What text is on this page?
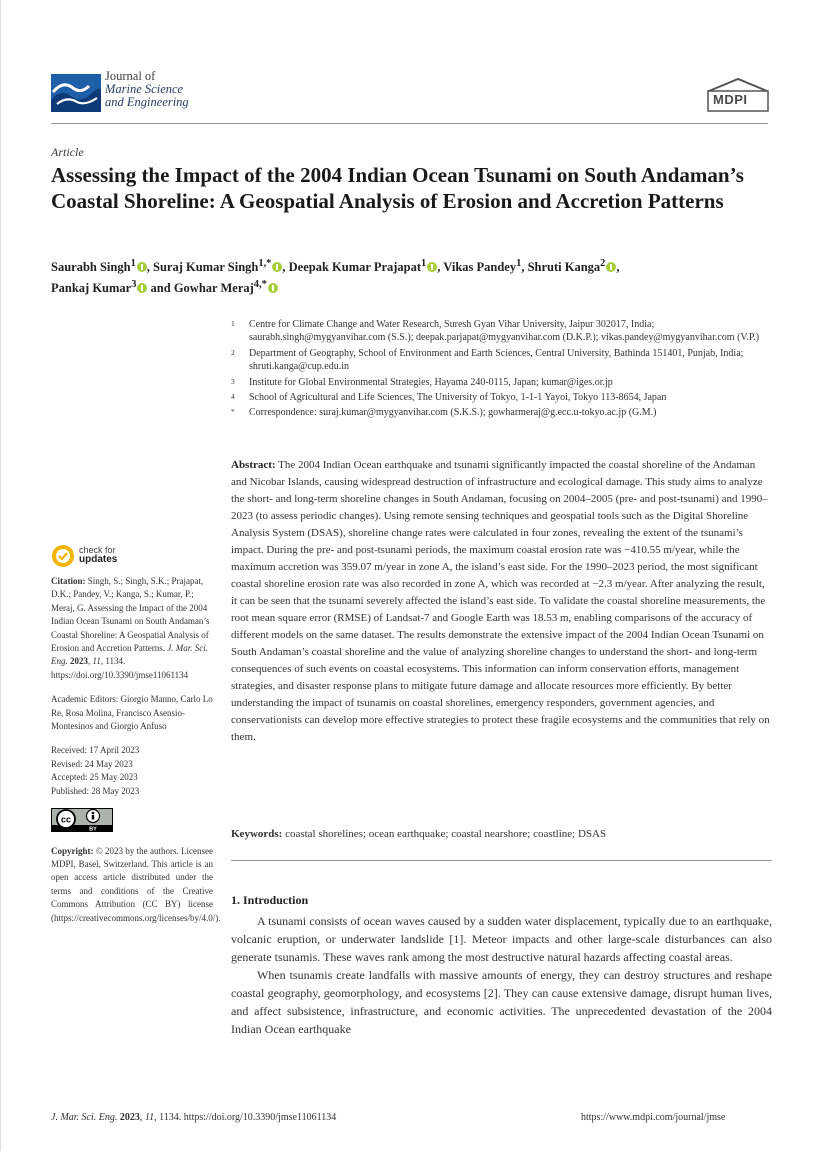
Journal of
Marine Science
and Engineering	MDPI
Article
Assessing the Impact of the 2004 Indian Ocean Tsunami on South Andaman’s Coastal Shoreline: A Geospatial Analysis of Erosion and Accretion Patterns
Saurabh Singh$^1$ , Suraj Kumar Singh$^{1,*}$ , Deepak Kumar Prajapat$^1$ , Vikas Pandey$^1$, Shruti Kanga$^2$ ,
Pankaj Kumar$^3$ and Gowhar Meraj$^{4,*}$
1	Centre for Climate Change and Water Research, Suresh Gyan Vihar University, Jaipur 302017, India; saurabh.singh@mygyanvihar.com (S.S.); deepak.parjapat@mygyanvihar.com (D.K.P.); vikas.pandey@mygyanvihar.com (V.P.)
2	Department of Geography, School of Environment and Earth Sciences, Central University, Bathinda 151401, Punjab, India; shruti.kanga@cup.edu.in
3	Institute for Global Environmental Strategies, Hayama 240-0115, Japan; kumar@iges.or.jp
4	School of Agricultural and Life Sciences, The University of Tokyo, 1-1-1 Yayoi, Tokyo 113-8654, Japan
*	Correspondence: suraj.kumar@mygyanvihar.com (S.K.S.); gowharmeraj@g.ecc.u-tokyo.ac.jp (G.M.)
Abstract: The 2004 Indian Ocean earthquake and tsunami significantly impacted the coastal shoreline of the Andaman and Nicobar Islands, causing widespread destruction of infrastructure and ecological damage. This study aims to analyze the short- and long-term shoreline changes in South Andaman, focusing on 2004–2005 (pre- and post-tsunami) and 1990–2023 (to assess periodic changes). Using remote sensing techniques and geospatial tools such as the Digital Shoreline Analysis System (DSAS), shoreline change rates were calculated in four zones, revealing the extent of the tsunami’s impact. During the pre- and post-tsunami periods, the maximum coastal erosion rate was −410.55 m/year, while the maximum accretion was 359.07 m/year in zone A, the island’s east side. For the 1990–2023 period, the most significant coastal shoreline erosion rate was also recorded in zone A, which was recorded at −2.3 m/year. After analyzing the result, it can be seen that the tsunami severely affected the island’s east side. To validate the coastal shoreline measurements, the root mean square error (RMSE) of Landsat-7 and Google Earth was 18.53 m, enabling comparisons of the accuracy of different models on the same dataset. The results demonstrate the extensive impact of the 2004 Indian Ocean Tsunami on South Andaman’s coastal shoreline and the value of analyzing shoreline changes to understand the short- and long-term consequences of such events on coastal ecosystems. This information can inform conservation efforts, management strategies, and disaster response plans to mitigate future damage and allocate resources more efficiently. By better understanding the impact of tsunamis on coastal shorelines, emergency responders, government agencies, and conservationists can develop more effective strategies to protect these fragile ecosystems and the communities that rely on them.
Keywords: coastal shorelines; ocean earthquake; coastal nearshore; coastline; DSAS
1. Introduction

A tsunami consists of ocean waves caused by a sudden water displacement, typically due to an earthquake, volcanic eruption, or underwater landslide [1]. Meteor impacts and other large-scale disturbances can also generate tsunamis. These waves rank among the most destructive natural hazards affecting coastal areas.

When tsunamis create landfalls with massive amounts of energy, they can destroy structures and reshape coastal geography, geomorphology, and ecosystems [2]. They can cause extensive damage, disrupt human lives, and affect subsistence, infrastructure, and economic activities. The unprecedented devastation of the 2004 Indian Ocean earthquake

check for
updates

Citation: Singh, S.; Singh, S.K.; Prajapat, D.K.; Pandey, V.; Kanga, S.; Kumar, P.; Meraj, G. Assessing the Impact of the 2004 Indian Ocean Tsunami on South Andaman’s Coastal Shoreline: A Geospatial Analysis of Erosion and Accretion Patterns. J. Mar. Sci. Eng. 2023, 11, 1134. https://doi.org/10.3390/jmse11061134

Academic Editors: Giorgio Manno, Carlo Lo Re, Rosa Molina, Francisco Asensio-Montesinos and Giorgio Anfuso

Received: 17 April 2023
Revised: 24 May 2023
Accepted: 25 May 2023
Published: 28 May 2023
cc
BY

Copyright: © 2023 by the authors. Licensee MDPI, Basel, Switzerland. This article is an open access article distributed under the terms and conditions of the Creative Commons Attribution (CC BY) license (https://creativecommons.org/licenses/by/4.0/).

J. Mar. Sci. Eng. 2023, 11, 1134. https://doi.org/10.3390/jmse11061134	https://www.mdpi.com/journal/jmse
